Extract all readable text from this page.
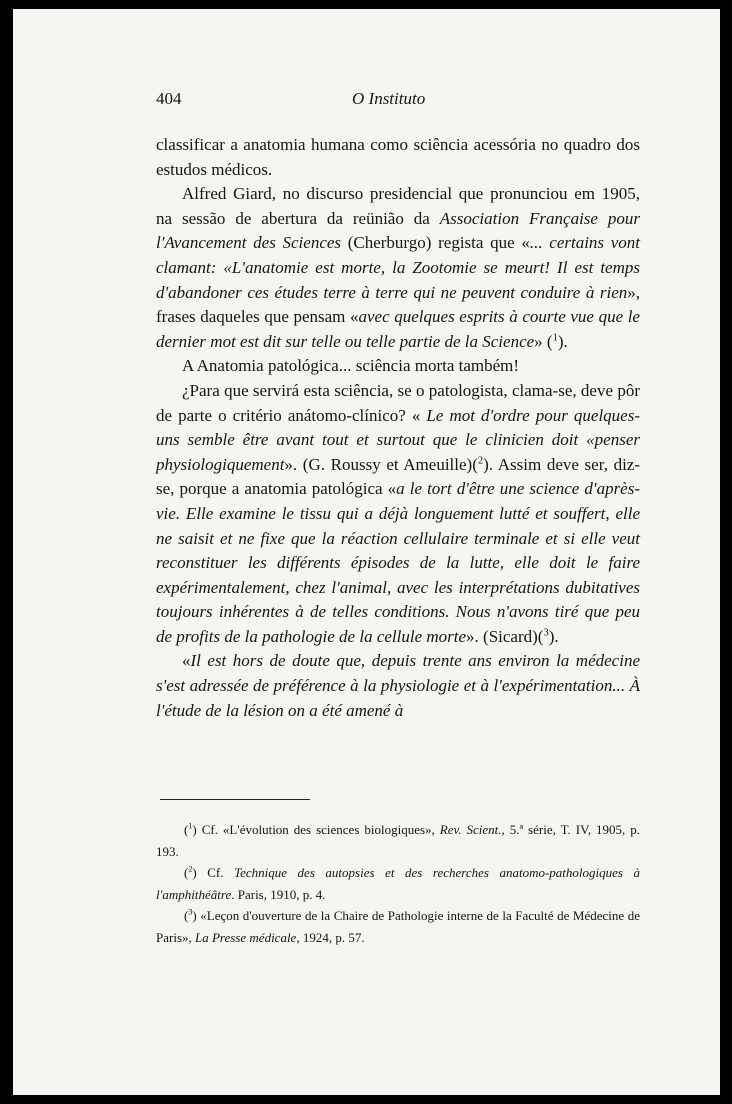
404	O Instituto

classificar a anatomia humana como sciência acessória no quadro dos estudos médicos.

Alfred Giard, no discurso presidencial que pronunciou em 1905, na sessão de abertura da reünião da Association Française pour l'Avancement des Sciences (Cherburgo) regista que «... certains vont clamant: «L'anatomie est morte, la Zootomie se meurt! Il est temps d'abandoner ces études terre à terre qui ne peuvent conduire à rien», frases daqueles que pensam «avec quelques esprits à courte vue que le dernier mot est dit sur telle ou telle partie de la Science» ($^1$).

A Anatomia patológica... sciência morta também!

¿Para que servirá esta sciência, se o patologista, clama-se, deve pôr de parte o critério anátomo-clínico? « Le mot d'ordre pour quelques-uns semble être avant tout et surtout que le clinicien doit «penser physiologiquement». (G. Roussy et Ameuille)($^2$). Assim deve ser, diz-se, porque a anatomia patológica «a le tort d'être une science d'après-vie. Elle examine le tissu qui a déjà longuement lutté et souffert, elle ne saisit et ne fixe que la réaction cellulaire terminale et si elle veut reconstituer les différents épisodes de la lutte, elle doit le faire expérimentalement, chez l'animal, avec les interprétations dubitatives toujours inhérentes à de telles conditions. Nous n'avons tiré que peu de profits de la pathologie de la cellule morte». (Sicard)($^3$).

«Il est hors de doute que, depuis trente ans environ la médecine s'est adressée de préférence à la physiologie et à l'expérimentation... À l'étude de la lésion on a été amené à

($^1$) Cf. «L'évolution des sciences biologiques», Rev. Scient., 5.ª série, T. IV, 1905, p. 193.

($^2$) Cf. Technique des autopsies et des recherches anatomo-pathologiques à l'amphithéâtre. Paris, 1910, p. 4.

($^3$) «Leçon d'ouverture de la Chaire de Pathologie interne de la Faculté de Médecine de Paris», La Presse médicale, 1924, p. 57.
